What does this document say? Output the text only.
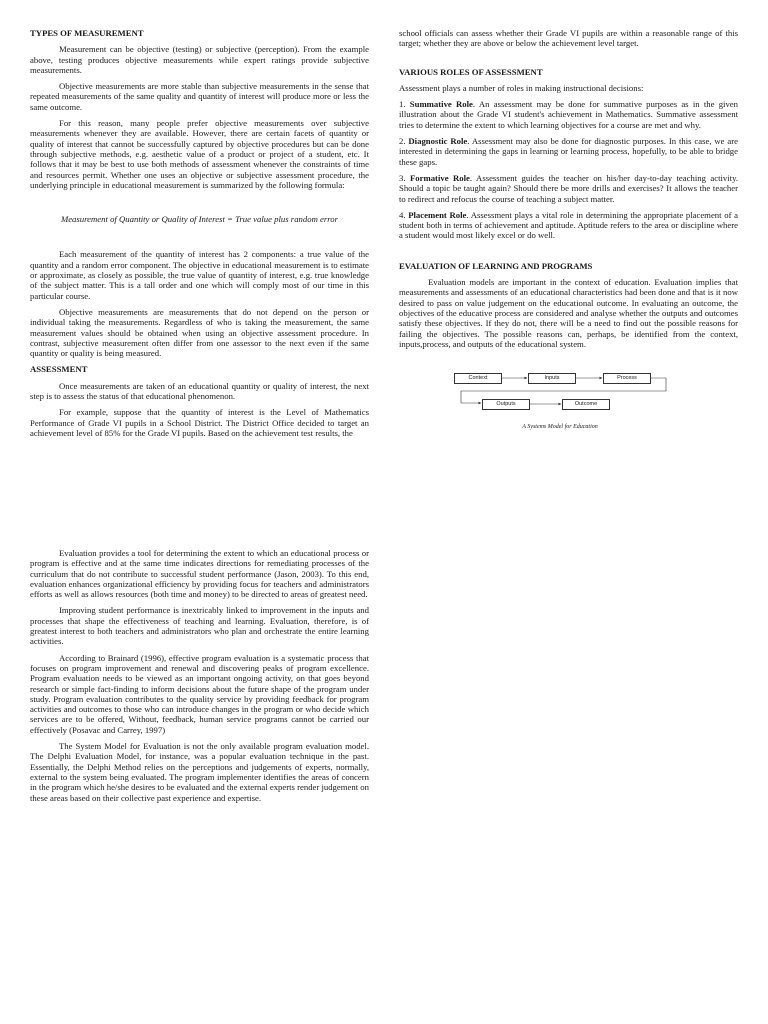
TYPES OF MEASUREMENT

Measurement can be objective (testing) or subjective (perception). From the example above, testing produces objective measurements while expert ratings provide subjective measurements.

Objective measurements are more stable than subjective measurements in the sense that repeated measurements of the same quality and quantity of interest will produce more or less the same outcome.

For this reason, many people prefer objective measurements over subjective measurements whenever they are available. However, there are certain facets of quantity or quality of interest that cannot be successfully captured by objective procedures but can be done through subjective methods, e.g. aesthetic value of a product or project of a student, etc. It follows that it may be best to use both methods of assessment whenever the constraints of time and resources permit. Whether one uses an objective or subjective assessment procedure, the underlying principle in educational measurement is summarized by the following formula:

Measurement of Quantity or Quality of Interest = True value plus random error

Each measurement of the quantity of interest has 2 components: a true value of the quantity and a random error component. The objective in educational measurement is to estimate or approximate, as closely as possible, the true value of quantity of interest, e.g. true knowledge of the subject matter. This is a tall order and one which will comply most of our time in this particular course.

Objective measurements are measurements that do not depend on the person or individual taking the measurements. Regardless of who is taking the measurement, the same measurement values should be obtained when using an objective assessment procedure. In contrast, subjective measurement often differ from one assessor to the next even if the same quantity or quality is being measured.

ASSESSMENT

Once measurements are taken of an educational quantity or quality of interest, the next step is to assess the status of that educational phenomenon.

For example, suppose that the quantity of interest is the Level of Mathematics Performance of Grade VI pupils in a School District. The District Office decided to target an achievement level of 85% for the Grade VI pupils. Based on the achievement test results, the

Evaluation provides a tool for determining the extent to which an educational process or program is effective and at the same time indicates directions for remediating processes of the curriculum that do not contribute to successful student performance (Jason, 2003). To this end, evaluation enhances organizational efficiency by providing focus for teachers and administrators efforts as well as allows resources (both time and money) to be directed to areas of greatest need.

Improving student performance is inextricably linked to improvement in the inputs and processes that shape the effectiveness of teaching and learning. Evaluation, therefore, is of greatest interest to both teachers and administrators who plan and orchestrate the entire learning activities.

According to Brainard (1996), effective program evaluation is a systematic process that focuses on program improvement and renewal and discovering peaks of program excellence. Program evaluation needs to be viewed as an important ongoing activity, on that goes beyond research or simple fact-finding to inform decisions about the future shape of the program under study. Program evaluation contributes to the quality service by providing feedback for program activities and outcomes to those who can introduce changes in the program or who decide which services are to be offered, Without, feedback, human service programs cannot be carried our effectively (Posavac and Carrey, 1997)

The System Model for Evaluation is not the only available program evaluation model. The Delphi Evaluation Model, for instance, was a popular evaluation technique in the past. Essentially, the Delphi Method relies on the perceptions and judgements of experts, normally, external to the system being evaluated. The program implementer identifies the areas of concern in the program which he/she desires to be evaluated and the external experts render judgement on these areas based on their collective past experience and expertise.

school officials can assess whether their Grade VI pupils are within a reasonable range of this target; whether they are above or below the achievement level target.

VARIOUS ROLES OF ASSESSMENT

Assessment plays a number of roles in making instructional decisions:

1. Summative Role. An assessment may be done for summative purposes as in the given illustration about the Grade VI student's achievement in Mathematics. Summative assessment tries to determine the extent to which learning objectives for a course are met and why.

2. Diagnostic Role. Assessment may also be done for diagnostic purposes. In this case, we are interested in determining the gaps in learning or learning process, hopefully, to be able to bridge these gaps.

3. Formative Role. Assessment guides the teacher on his/her day-to-day teaching activity. Should a topic be taught again? Should there be more drills and exercises? It allows the teacher to redirect and refocus the course of teaching a subject matter.

4. Placement Role. Assessment plays a vital role in determining the appropriate placement of a student both in terms of achievement and aptitude. Aptitude refers to the area or discipline where a student would most likely excel or do well.

EVALUATION OF LEARNING AND PROGRAMS

Evaluation models are important in the context of education. Evaluation implies that measurements and assessments of an educational characteristics had been done and that is it now desired to pass on value judgement on the educational outcome. In evaluating an outcome, the objectives of the educative process are considered and analyse whether the outputs and outcomes satisfy these objectives. If they do not, there will be a need to find out the possible reasons for failing the objectives. The possible reasons can, perhaps, be identified from the context, inputs,process, and outputs of the educational system.

Context	Inputs	Process
Outputs	Outcome
A Systems Model for Education
